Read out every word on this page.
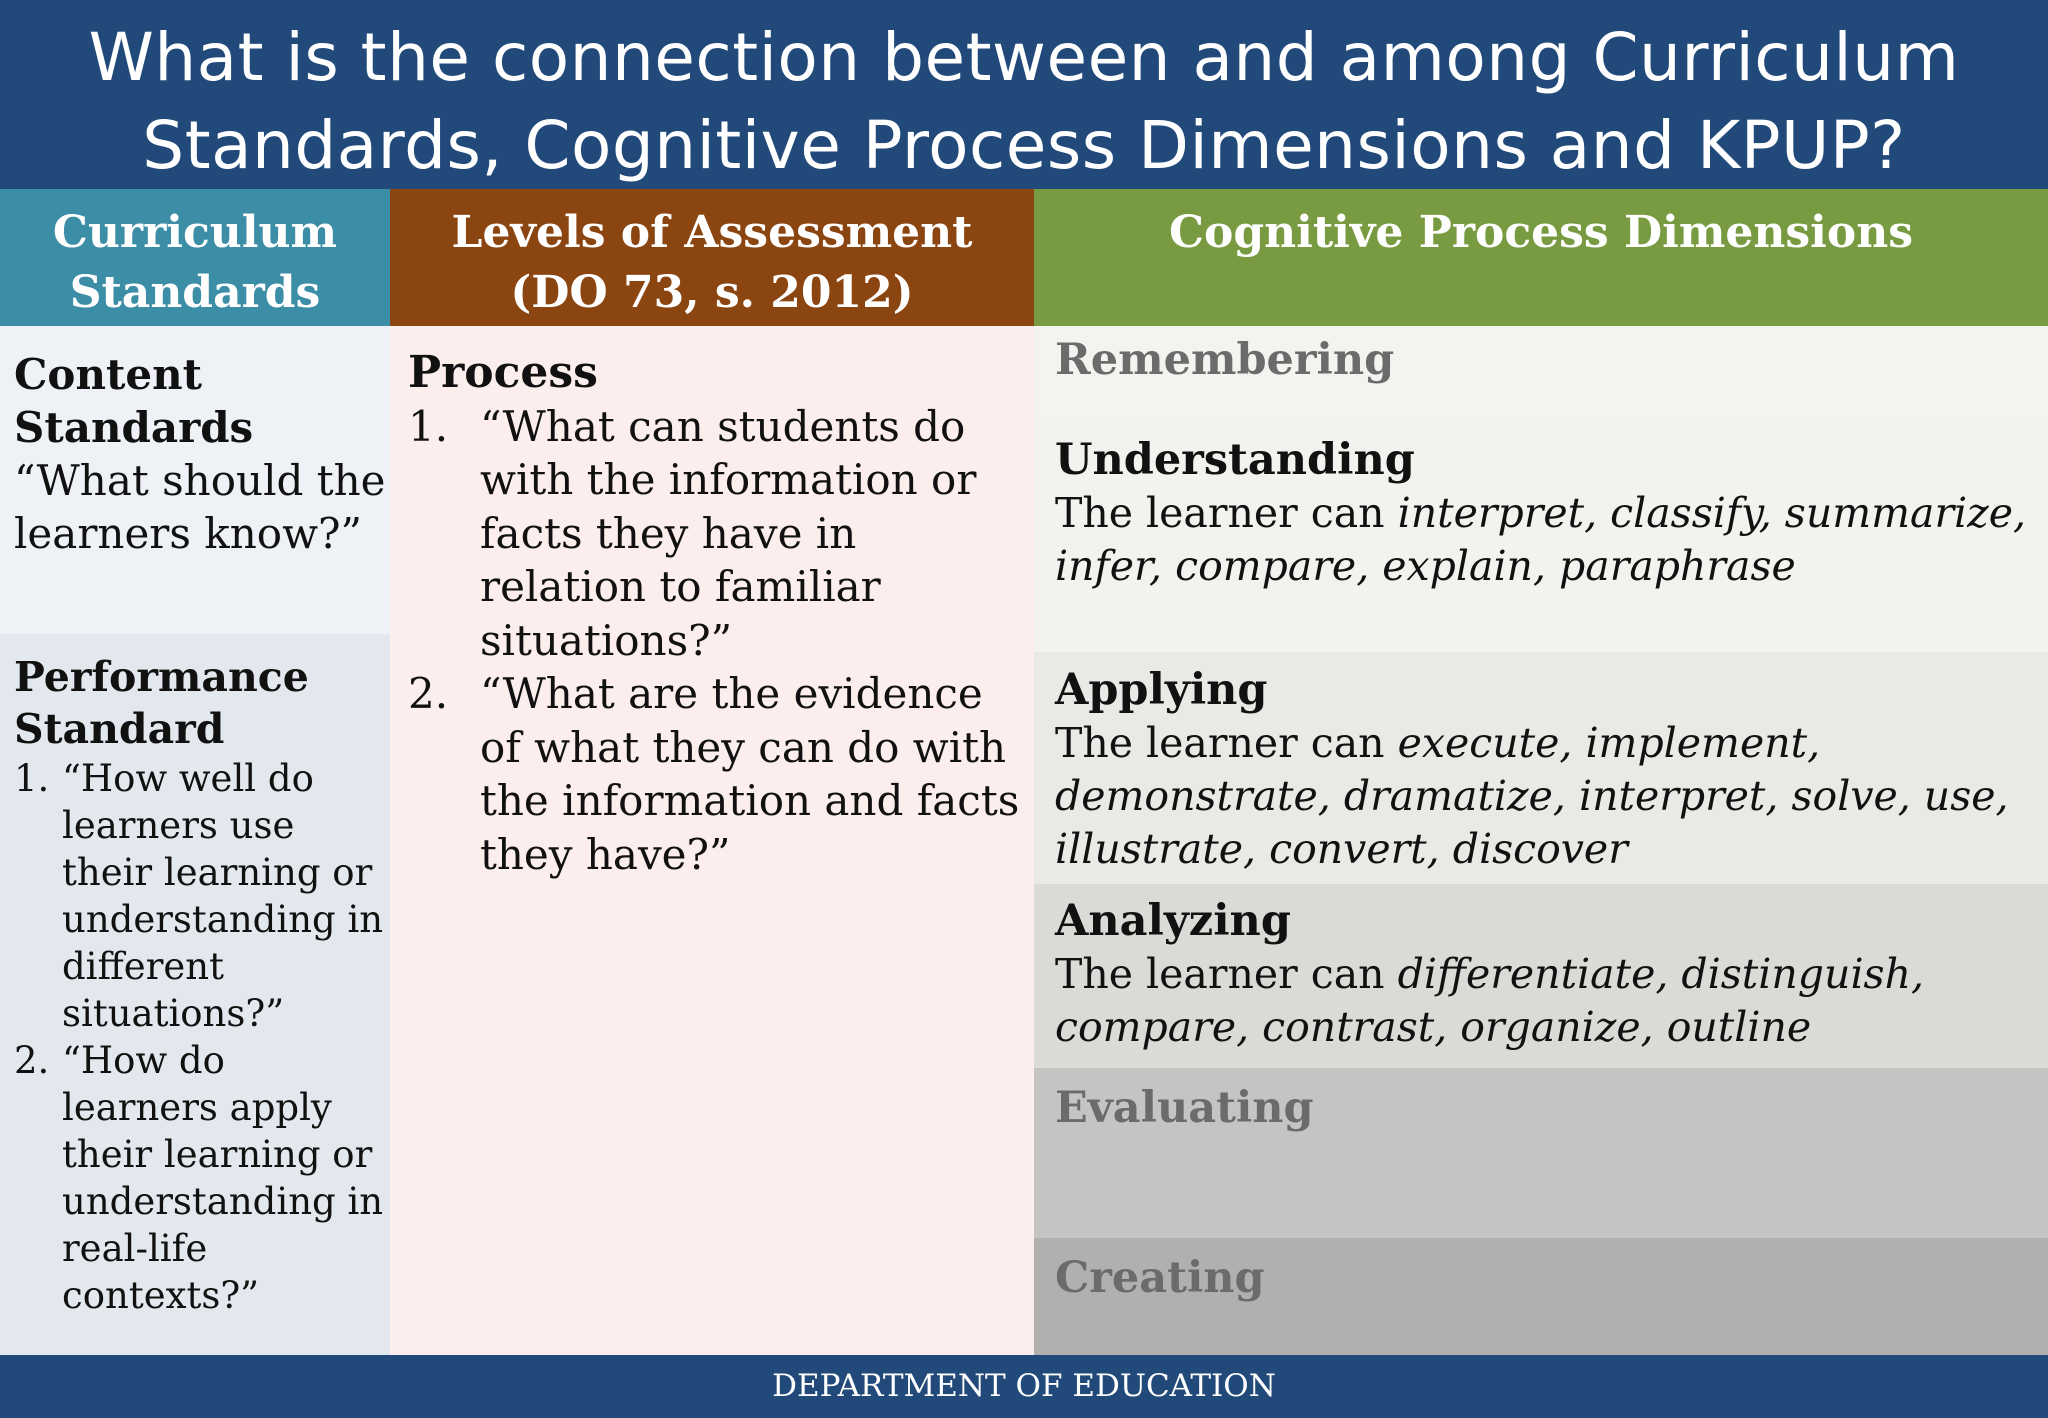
What is the connection between and among Curriculum Standards, Cognitive Process Dimensions and KPUP?
Curriculum
Standards
Levels of Assessment
(DO 73, s. 2012)
Cognitive Process Dimensions
Content Standards
“What should the learners know?”
Performance Standard
1. “How well do learners use their learning or understanding in different situations?”
2. “How do learners apply their learning or understanding in real-life contexts?”
Process
1. “What can students do with the information or facts they have in relation to familiar situations?”
2. “What are the evidence of what they can do with the information and facts they have?”
Remembering
Understanding
The learner can interpret, classify, summarize, infer, compare, explain, paraphrase
Applying
The learner can execute, implement, demonstrate, dramatize, interpret, solve, use, illustrate, convert, discover
Analyzing
The learner can differentiate, distinguish, compare, contrast, organize, outline
Evaluating
Creating
DEPARTMENT OF EDUCATION
